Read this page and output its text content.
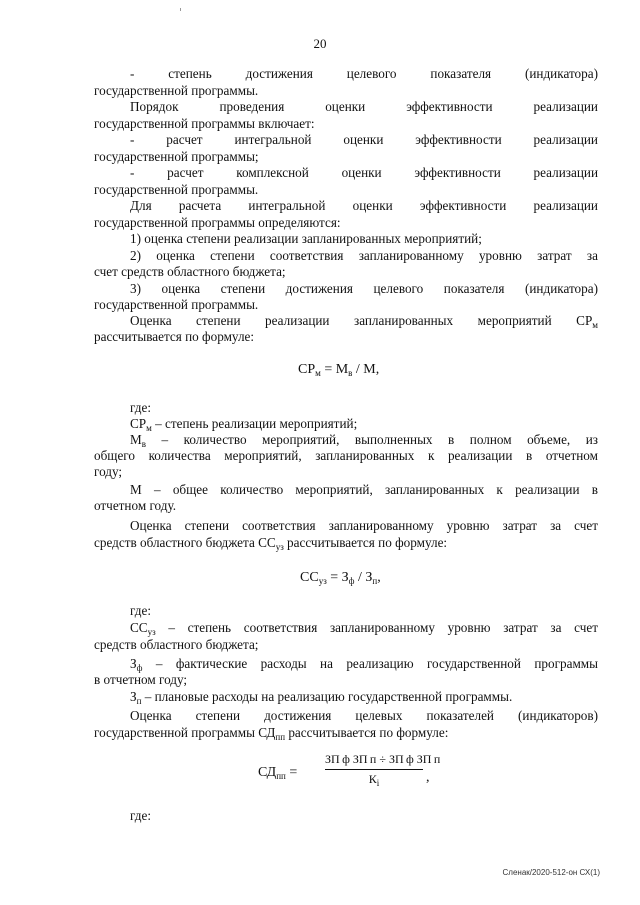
20
- степень достижения целевого показателя (индикатора)
государственной программы.
Порядок проведения оценки эффективности реализации
государственной программы включает:
- расчет интегральной оценки эффективности реализации
государственной программы;
- расчет комплексной оценки эффективности реализации
государственной программы.
Для расчета интегральной оценки эффективности реализации
государственной программы определяются:
1) оценка степени реализации запланированных мероприятий;
2) оценка степени соответствия запланированному уровню затрат за
счет средств областного бюджета;
3) оценка степени достижения целевого показателя (индикатора)
государственной программы.
Оценка степени реализации запланированных мероприятий $СР_м$
рассчитывается по формуле:
$СР_м = М_в / М$,
где:
$СР_м$ – степень реализации мероприятий;
$М_в$ – количество мероприятий, выполненных в полном объеме, из
общего количества мероприятий, запланированных к реализации в отчетном
году;
М – общее количество мероприятий, запланированных к реализации в
отчетном году.
Оценка степени соответствия запланированному уровню затрат за счет
средств областного бюджета $СС_{уз}$ рассчитывается по формуле:
$СС_{уз} = З_ф / З_п$,
где:
$СС_{уз}$ – степень соответствия запланированному уровню затрат за счет
средств областного бюджета;
$З_ф$ – фактические расходы на реализацию государственной программы
в отчетном году;
$З_п$ – плановые расходы на реализацию государственной программы.
Оценка степени достижения целевых показателей (индикаторов)
государственной программы $СД_{пп}$ рассчитывается по формуле:
$СД_{пп}$ =
ЗП ф ЗП п ÷ ЗП ф ЗП п
$К_i$	,
где:
Сленак/2020-512-он СХ(1)
